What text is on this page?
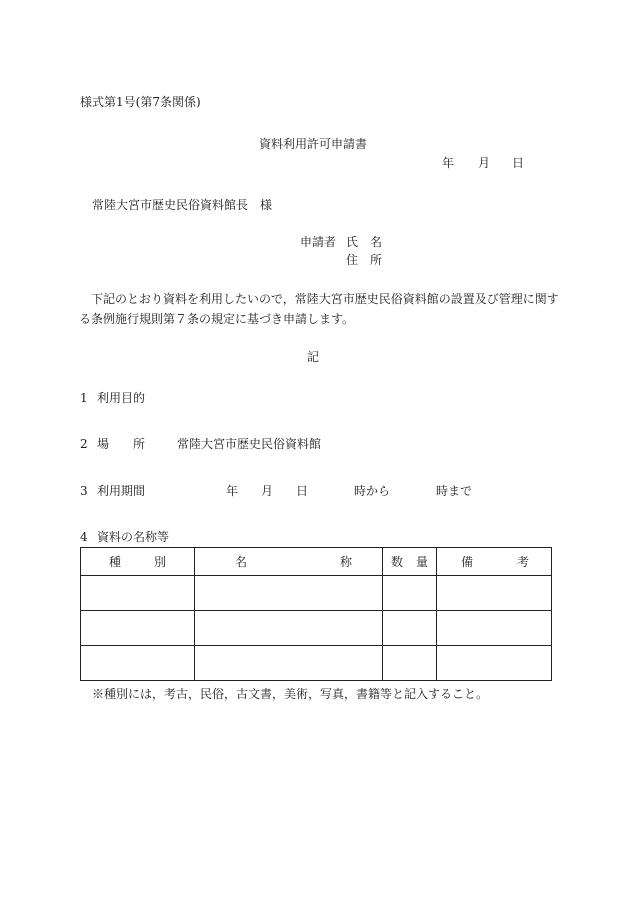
様式第1号(第7条関係)
資料利用許可申請書
年 月 日
常陸大宮市歴史民俗資料館長　様
申請者 氏　名
住　所
下記のとおり資料を利用したいので，常陸大宮市歴史民俗資料館の設置及び管理に関す
る条例施行規則第７条の規定に基づき申請します。
記
1 利用目的
2 場　　所	常陸大宮市歴史民俗資料館
3 利用期間	年 月 日	時から	時まで
4 資料の名称等
種 別	名 称	数 量	備 考

※種別には，考古，民俗，古文書，美術，写真，書籍等と記入すること。
